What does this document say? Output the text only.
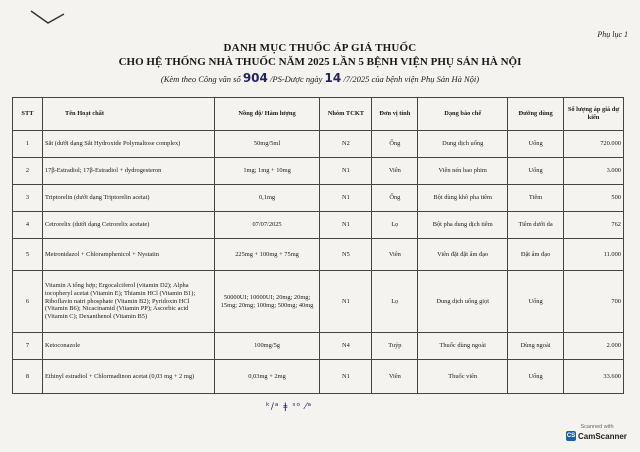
Phụ lục 1
DANH MỤC THUỐC ÁP GIÁ THUỐC
CHO HỆ THỐNG NHÀ THUỐC NĂM 2025 LẦN 5 BỆNH VIỆN PHỤ SẢN HÀ NỘI
(Kèm theo Công văn số 904 /PS-Dược ngày 14 /7/2025 của bệnh viện Phụ Sản Hà Nội)
STT	Tên Hoạt chất	Nồng độ/ Hàm lượng	Nhóm TCKT	Đơn vị tính	Dạng bào chế	Đường dùng	Số lượng áp giá dự kiến
1	Sắt (dưới dạng Sắt Hydroxide Polymaltose complex)	50mg/5ml	N2	Ống	Dung dịch uống	Uống	720.000
2	17β-Estradiol; 17β-Estradiol + dydrogesteron	1mg; 1mg + 10mg	N1	Viên	Viên nén bao phim	Uống	3.000
3	Triptorelin (dưới dạng Triptorelin acetat)	0,1mg	N1	Ống	Bột dùng khô pha tiêm	Tiêm	500
4	Cetrorelix (dưới dạng Cetrorelix acetate)	07/07/2025	N1	Lọ	Bột pha dung dịch tiêm	Tiêm dưới da	762
5	Metronidazol + Chloramphenicol + Nystatin	225mg + 100mg + 75mg	N5	Viên	Viên đặt đặt âm đạo	Đặt âm đạo	11.000
6	Vitamin A tổng hợp; Ergocalciferol (vitamin D2); Alpha tocopheryl acetat (Vitamin E); Thiamin HCl (Vitamin B1); Riboflavin natri phosphate (Vitamin B2); Pyridoxin HCl (Vitamin B6); Nicacinamid (Vitamin PP); Ascorbic acid (Vitamin C); Dexanthenol (Vitamin B5)	50000UI; 10000UI; 20mg; 20mg; 15mg; 20mg; 100mg; 500mg; 40mg	N1	Lọ	Dung dịch uống giọt	Uống	700
7	Ketoconazole	100mg/5g	N4	Tuýp	Thuốc dùng ngoài	Dùng ngoài	2.000
8	Ethinyl estradiol + Chlormadinon acetat (0,03 mg + 2 mg)	0,03mg + 2mg	N1	Viên	Thuốc viên	Uống	33.600
ᵏ/ᵃ ǂ ᵌᵒ ⁄ᵃ
Scanned with
CS CamScanner
